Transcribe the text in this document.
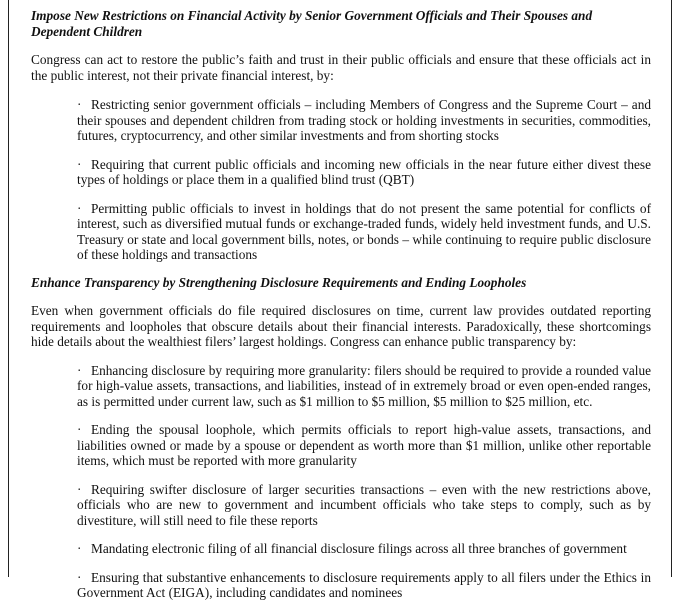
Impose New Restrictions on Financial Activity by Senior Government Officials and Their Spouses and Dependent Children

Congress can act to restore the public’s faith and trust in their public officials and ensure that these officials act in the public interest, not their private financial interest, by:

· Restricting senior government officials – including Members of Congress and the Supreme Court – and their spouses and dependent children from trading stock or holding investments in securities, commodities, futures, cryptocurrency, and other similar investments and from shorting stocks

· Requiring that current public officials and incoming new officials in the near future either divest these types of holdings or place them in a qualified blind trust (QBT)

· Permitting public officials to invest in holdings that do not present the same potential for conflicts of interest, such as diversified mutual funds or exchange-traded funds, widely held investment funds, and U.S. Treasury or state and local government bills, notes, or bonds – while continuing to require public disclosure of these holdings and transactions

Enhance Transparency by Strengthening Disclosure Requirements and Ending Loopholes

Even when government officials do file required disclosures on time, current law provides outdated reporting requirements and loopholes that obscure details about their financial interests. Paradoxically, these shortcomings hide details about the wealthiest filers’ largest holdings. Congress can enhance public transparency by:

· Enhancing disclosure by requiring more granularity: filers should be required to provide a rounded value for high-value assets, transactions, and liabilities, instead of in extremely broad or even open-ended ranges, as is permitted under current law, such as $1 million to $5 million, $5 million to $25 million, etc.

· Ending the spousal loophole, which permits officials to report high-value assets, transactions, and liabilities owned or made by a spouse or dependent as worth more than $1 million, unlike other reportable items, which must be reported with more granularity

· Requiring swifter disclosure of larger securities transactions – even with the new restrictions above, officials who are new to government and incumbent officials who take steps to comply, such as by divestiture, will still need to file these reports

· Mandating electronic filing of all financial disclosure filings across all three branches of government

· Ensuring that substantive enhancements to disclosure requirements apply to all filers under the Ethics in Government Act (EIGA), including candidates and nominees
